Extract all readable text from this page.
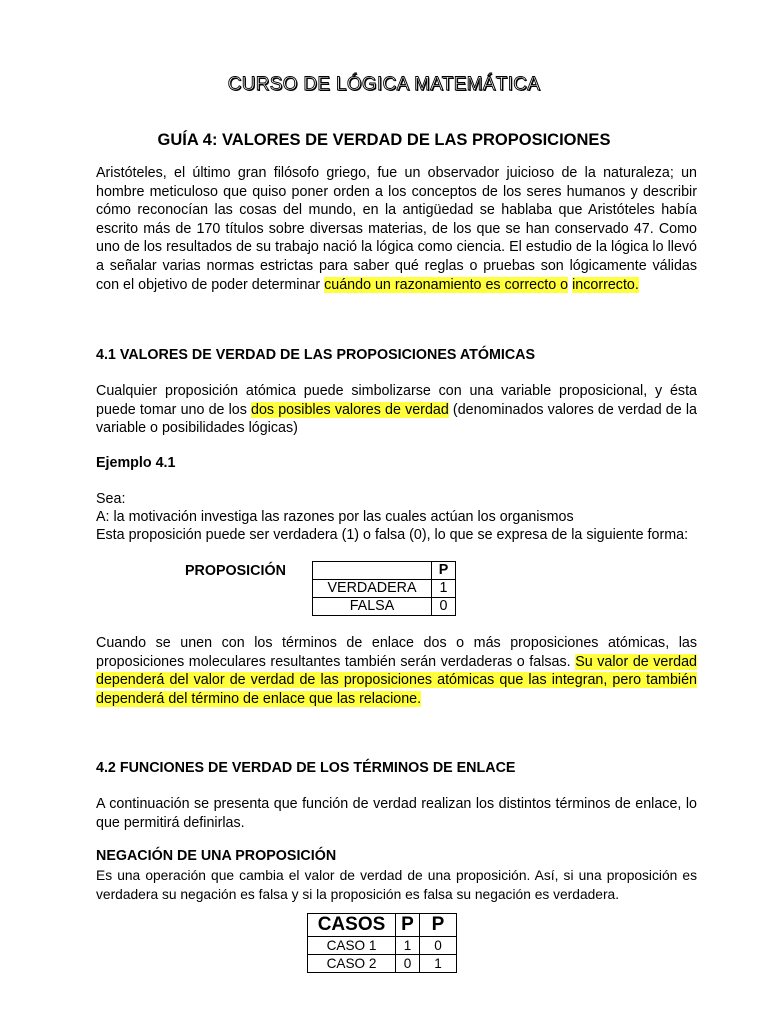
CURSO DE LÓGICA MATEMÁTICA
GUÍA 4: VALORES DE VERDAD DE LAS PROPOSICIONES
Aristóteles, el último gran filósofo griego, fue un observador juicioso de la naturaleza; un hombre meticuloso que quiso poner orden a los conceptos de los seres humanos y describir cómo reconocían las cosas del mundo, en la antigüedad se hablaba que Aristóteles había escrito más de 170 títulos sobre diversas materias, de los que se han conservado 47. Como uno de los resultados de su trabajo nació la lógica como ciencia. El estudio de la lógica lo llevó a señalar varias normas estrictas para saber qué reglas o pruebas son lógicamente válidas con el objetivo de poder determinar cuándo un razonamiento es correcto o incorrecto.
4.1 VALORES DE VERDAD DE LAS PROPOSICIONES ATÓMICAS
Cualquier proposición atómica puede simbolizarse con una variable proposicional, y ésta puede tomar uno de los dos posibles valores de verdad (denominados valores de verdad de la variable o posibilidades lógicas)
Ejemplo 4.1
Sea:
A: la motivación investiga las razones por las cuales actúan los organismos
Esta proposición puede ser verdadera (1) o falsa (0), lo que se expresa de la siguiente forma:
PROPOSICIÓN
		P
VERDADERA	1
FALSA	0
Cuando se unen con los términos de enlace dos o más proposiciones atómicas, las proposiciones moleculares resultantes también serán verdaderas o falsas. Su valor de verdad dependerá del valor de verdad de las proposiciones atómicas que las integran, pero también dependerá del término de enlace que las relacione.
4.2 FUNCIONES DE VERDAD DE LOS TÉRMINOS DE ENLACE
A continuación se presenta que función de verdad realizan los distintos términos de enlace, lo que permitirá definirlas.
NEGACIÓN DE UNA PROPOSICIÓN
Es una operación que cambia el valor de verdad de una proposición. Así, si una proposición es verdadera su negación es falsa y si la proposición es falsa su negación es verdadera.
CASOS	P	P
CASO 1	1	0
CASO 2	0	1
